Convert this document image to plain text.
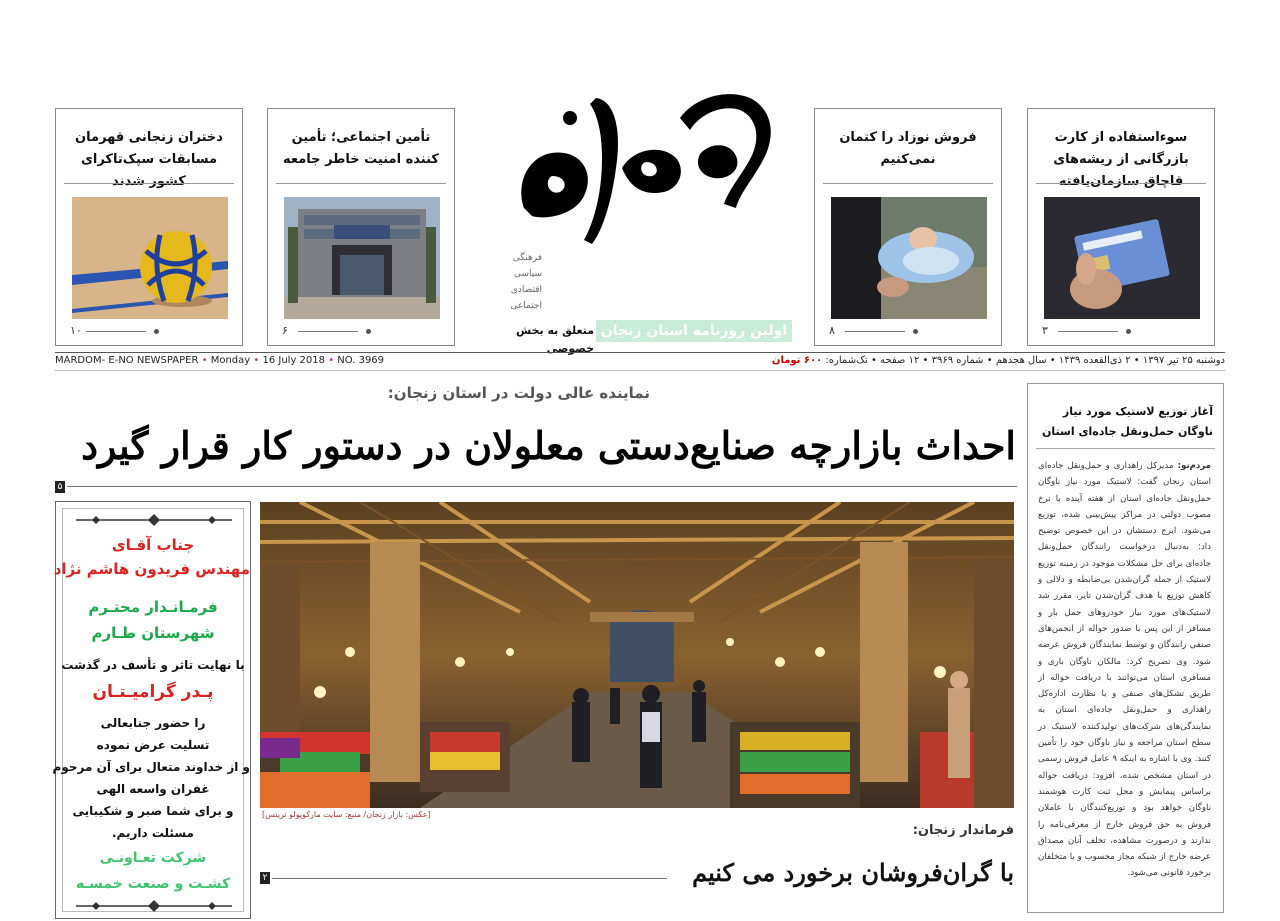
سوء‌استفاده از کارت بازرگانی از ریشه‌های قاچاق سازمان‌یافته
۳
فروش نوزاد را کتمان نمی‌کنیم
۸
تأمین اجتماعی؛ تأمین کننده امنیت خاطر جامعه
۶
دختران زنجانی قهرمان مسابقات سپک‌تاکرای کشور شدند
۱۰
فرهنگی
سیاسی
اقتصادی
اجتماعی
اولین روزنامه استان زنجان
متعلق به بخش خصوصی
MARDOM- E-NO NEWSPAPER • Monday • 16 July 2018 • NO. 3969	دوشنبه ۲۵ تیر ۱۳۹۷ • ۲ ذی‌القعده ۱۴۳۹ • سال هجدهم • شماره ۳۹۶۹ • ۱۲ صفحه • تک‌شماره: ۶۰۰ تومان
نماینده عالی دولت در استان زنجان:
احداث بازارچه صنایع‌دستی معلولان در دستور کار قرار گیرد
۵
[عکس: بازار زنجان/ منبع: سایت مارکوپولو ترینس]
جناب آقـای
مهندس فریدون هاشم نژاد
فرمـانـدار محتـرم
شهرستان طـارم
با نهایت تاثر و تأسف در گذشت
پـدر گرامیـتـان
را حضور جنابعالی
تسلیت عرض نموده
و از خداوند متعال برای آن مرحوم
غفران واسعه الهی
و برای شما صبر و شکیبایی
مسئلت داریم.
شرکت تعـاونـی
کشـت و صنعت خمسـه
فرماندار زنجان:
با گران‌فروشان برخورد می کنیم
۲
آغاز توزیع لاستیک مورد نیاز ناوگان حمل‌ونقل جاده‌ای استان
مردم‌نو: مدیرکل راهداری و حمل‌ونقل جاده‌ای استان زنجان گفت: لاستیک مورد نیاز ناوگان حمل‌ونقل جاده‌ای استان از هفته آینده با نرخ مصوب دولتی در مراکز پیش‌بینی شده، توزیع می‌شود. ایرج دستشان در این خصوص توضیح داد: به‌دنبال درخواست رانندگان حمل‌ونقل جاده‌ای برای حل مشکلات موجود در زمینه توزیع لاستیک از جمله گران‌شدن بی‌ضابطه و دلالی و کاهش توزیع با هدف گران‌شدن تایر، مقرر شد لاستیک‌های مورد نیاز خودروهای حمل بار و مسافر از این پس با صدور حواله از انجمن‌های صنفی رانندگان و توسط نمایندگان فروش عرضه شود. وی تصریح کرد: مالکان ناوگان باری و مسافری استان می‌توانند با دریافت حواله از طریق تشکل‌های صنفی و با نظارت اداره‌کل راهداری و حمل‌ونقل جاده‌ای استان به نمایندگی‌های شرکت‌های تولیدکننده لاستیک در سطح استان مراجعه و نیاز ناوگان خود را تأمین کنند. وی با اشاره به اینکه ۹ عامل فروش رسمی در استان مشخص شده، افزود: دریافت حواله براساس پیمایش و محل ثبت کارت هوشمند ناوگان خواهد بود و توزیع‌کنندگان با عاملان فروش به حق فروش خارج از معرفی‌نامه را ندارند و درصورت مشاهده، تخلف آنان مصداق عرضه خارج از شبکه مجاز محسوب و با متخلفان برخورد قانونی می‌شود.
